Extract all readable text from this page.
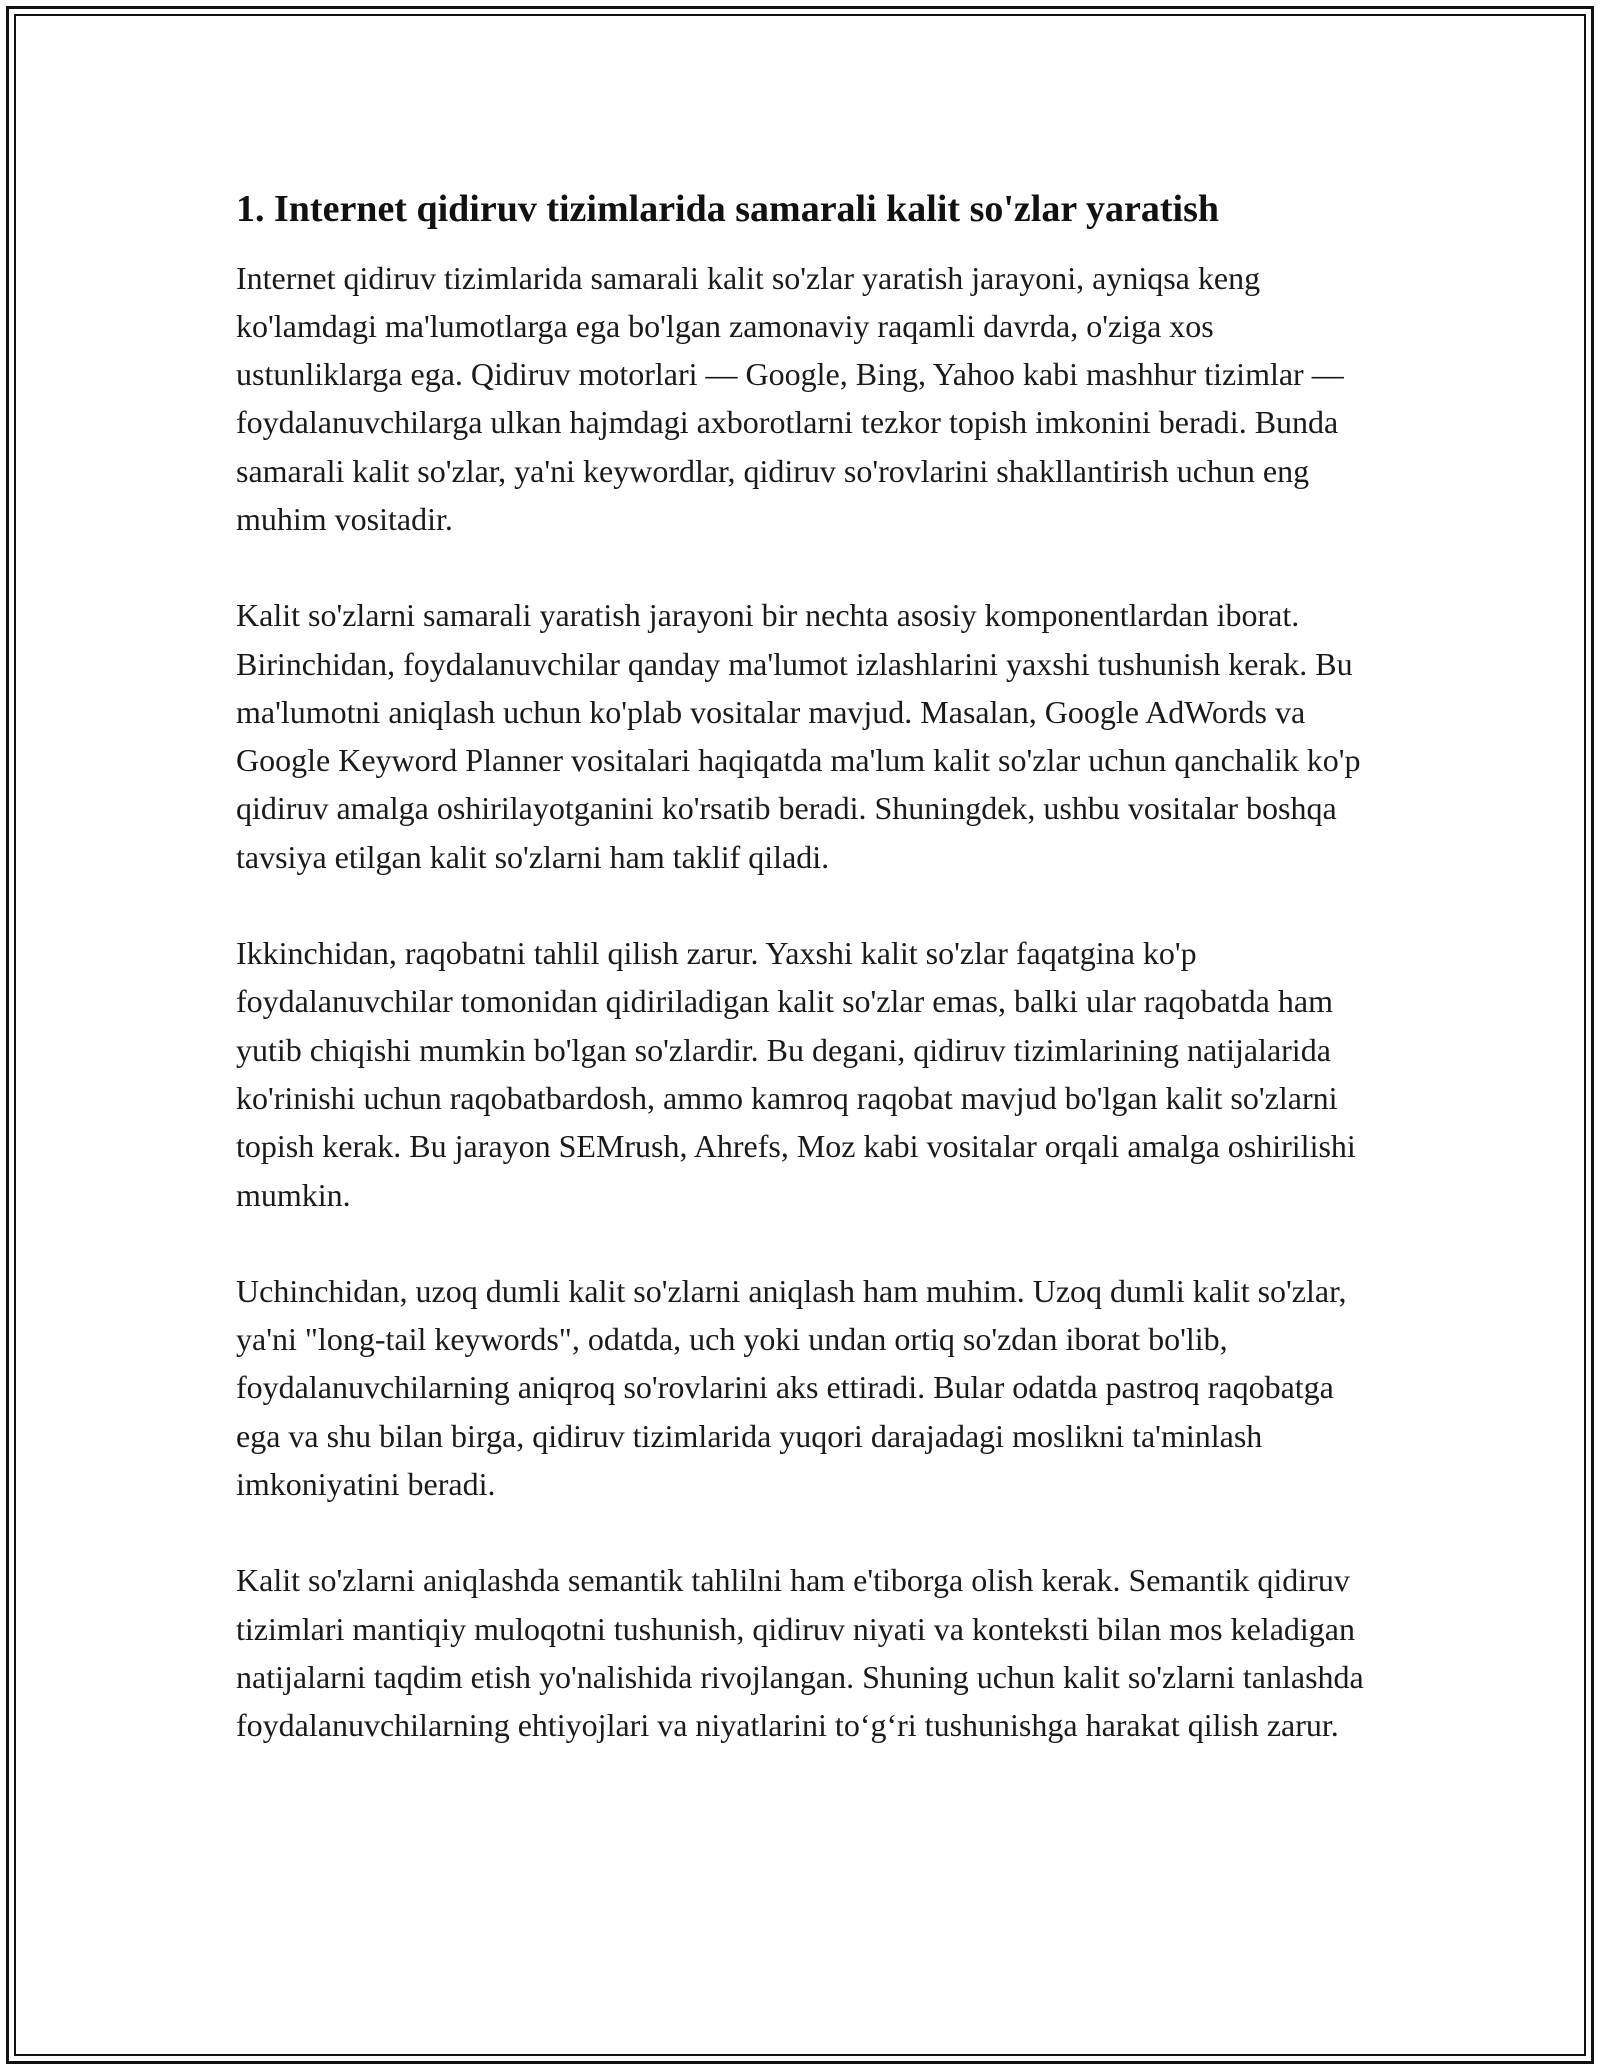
1. Internet qidiruv tizimlarida samarali kalit so'zlar yaratish

Internet qidiruv tizimlarida samarali kalit so'zlar yaratish jarayoni, ayniqsa keng ko'lamdagi ma'lumotlarga ega bo'lgan zamonaviy raqamli davrda, o'ziga xos ustunliklarga ega. Qidiruv motorlari — Google, Bing, Yahoo kabi mashhur tizimlar — foydalanuvchilarga ulkan hajmdagi axborotlarni tezkor topish imkonini beradi. Bunda samarali kalit so'zlar, ya'ni keywordlar, qidiruv so'rovlarini shakllantirish uchun eng muhim vositadir.

Kalit so'zlarni samarali yaratish jarayoni bir nechta asosiy komponentlardan iborat. Birinchidan, foydalanuvchilar qanday ma'lumot izlashlarini yaxshi tushunish kerak. Bu ma'lumotni aniqlash uchun ko'plab vositalar mavjud. Masalan, Google AdWords va Google Keyword Planner vositalari haqiqatda ma'lum kalit so'zlar uchun qanchalik ko'p qidiruv amalga oshirilayotganini ko'rsatib beradi. Shuningdek, ushbu vositalar boshqa tavsiya etilgan kalit so'zlarni ham taklif qiladi.

Ikkinchidan, raqobatni tahlil qilish zarur. Yaxshi kalit so'zlar faqatgina ko'p foydalanuvchilar tomonidan qidiriladigan kalit so'zlar emas, balki ular raqobatda ham yutib chiqishi mumkin bo'lgan so'zlardir. Bu degani, qidiruv tizimlarining natijalarida ko'rinishi uchun raqobatbardosh, ammo kamroq raqobat mavjud bo'lgan kalit so'zlarni topish kerak. Bu jarayon SEMrush, Ahrefs, Moz kabi vositalar orqali amalga oshirilishi mumkin.

Uchinchidan, uzoq dumli kalit so'zlarni aniqlash ham muhim. Uzoq dumli kalit so'zlar, ya'ni "long-tail keywords", odatda, uch yoki undan ortiq so'zdan iborat bo'lib, foydalanuvchilarning aniqroq so'rovlarini aks ettiradi. Bular odatda pastroq raqobatga ega va shu bilan birga, qidiruv tizimlarida yuqori darajadagi moslikni ta'minlash imkoniyatini beradi.

Kalit so'zlarni aniqlashda semantik tahlilni ham e'tiborga olish kerak. Semantik qidiruv tizimlari mantiqiy muloqotni tushunish, qidiruv niyati va konteksti bilan mos keladigan natijalarni taqdim etish yo'nalishida rivojlangan. Shuning uchun kalit so'zlarni tanlashda foydalanuvchilarning ehtiyojlari va niyatlarini to‘g‘ri tushunishga harakat qilish zarur.
